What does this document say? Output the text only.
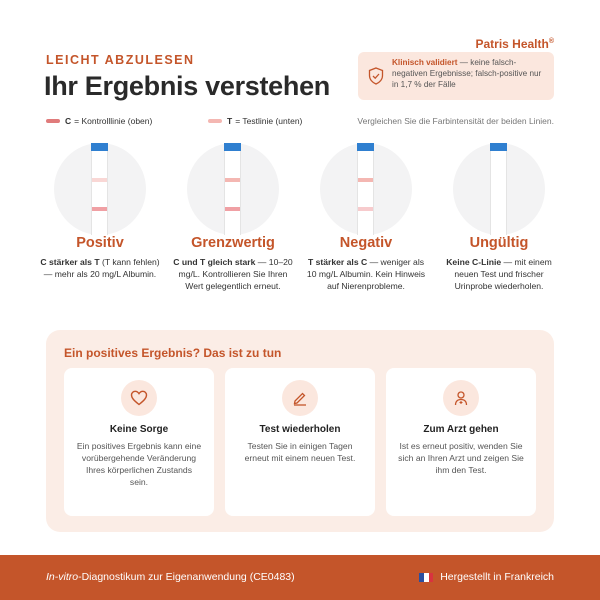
Patris Health®
LEICHT ABZULESEN
Ihr Ergebnis verstehen
Klinisch validiert — keine falsch-negativen Ergebnisse; falsch-positive nur in 1,7 % der Fälle
C = Kontrolllinie (oben)	T = Testlinie (unten)	Vergleichen Sie die Farbintensität der beiden Linien.
Positiv	Grenzwertig	Negativ	Ungültig
C stärker als T (T kann fehlen) — mehr als 20 mg/L Albumin.
C und T gleich stark — 10–20 mg/L. Kontrollieren Sie Ihren Wert gelegentlich erneut.
T stärker als C — weniger als 10 mg/L Albumin. Kein Hinweis auf Nierenprobleme.
Keine C-Linie — mit einem neuen Test und frischer Urinprobe wiederholen.
Ein positives Ergebnis? Das ist zu tun
Keine Sorge
Ein positives Ergebnis kann eine vorübergehende Veränderung Ihres körperlichen Zustands sein.
Test wiederholen
Testen Sie in einigen Tagen erneut mit einem neuen Test.
Zum Arzt gehen
Ist es erneut positiv, wenden Sie sich an Ihren Arzt und zeigen Sie ihm den Test.
In-vitro-Diagnostikum zur Eigenanwendung (CE0483)	Hergestellt in Frankreich
